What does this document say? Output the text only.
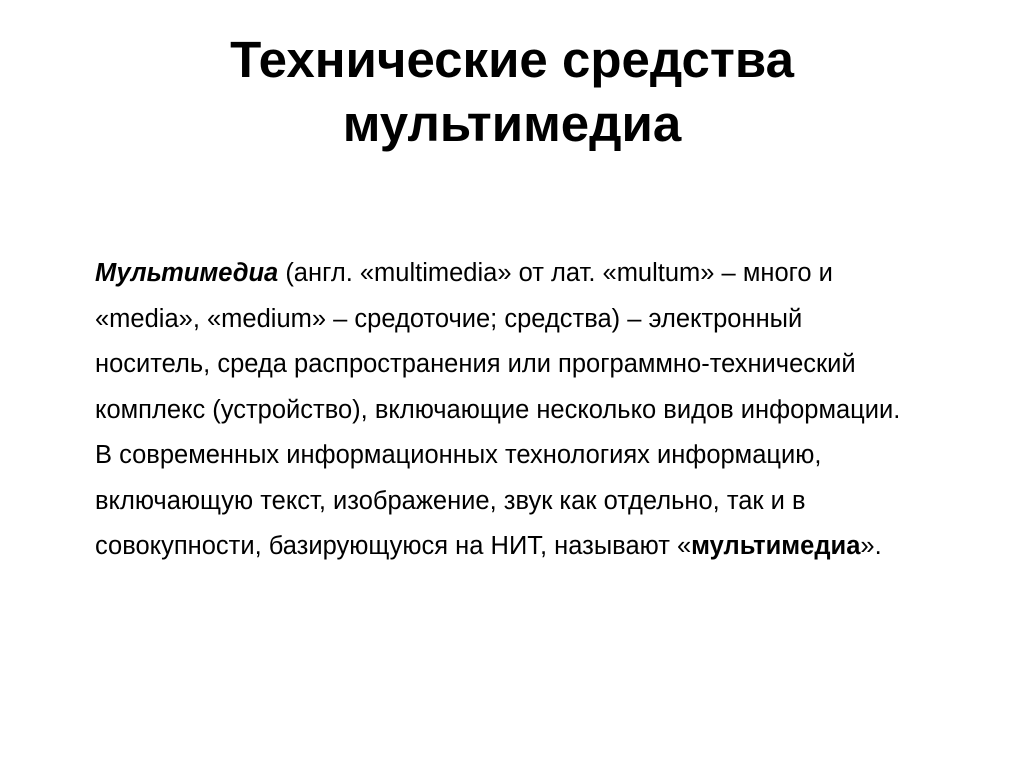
Технические средства
мультимедиа

Мультимедиа (англ. «multimedia» от лат. «multum» – много и
«media», «medium» – средоточие; средства) – электронный
носитель, среда распространения или программно-технический
комплекс (устройство), включающие несколько видов информации.
В современных информационных технологиях информацию,
включающую текст, изображение, звук как отдельно, так и в
совокупности, базирующуюся на НИТ, называют «мультимедиа».
